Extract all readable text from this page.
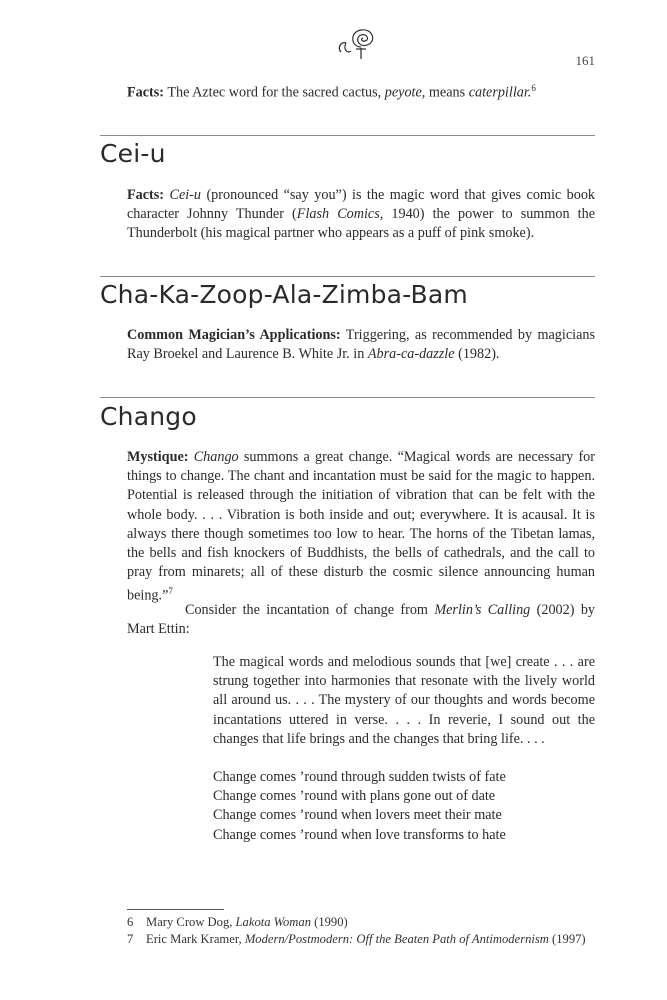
161
Facts: The Aztec word for the sacred cactus, peyote, means caterpillar.$^6$
Cei-u
Facts: Cei-u (pronounced “say you”) is the magic word that gives comic book character Johnny Thunder (Flash Comics, 1940) the power to summon the Thunderbolt (his magical partner who appears as a puff of pink smoke).
Cha-Ka-Zoop-Ala-Zimba-Bam
Common Magician’s Applications: Triggering, as recommended by magicians Ray Broekel and Laurence B. White Jr. in Abra-ca-dazzle (1982).
Chango
Mystique: Chango summons a great change. “Magical words are necessary for things to change. The chant and incantation must be said for the magic to happen. Potential is released through the initiation of vibration that can be felt with the whole body. . . . Vibration is both inside and out; everywhere. It is acausal. It is always there though sometimes too low to hear. The horns of the Tibetan lamas, the bells and fish knockers of Buddhists, the bells of cathedrals, and the call to pray from minarets; all of these disturb the cosmic silence announcing human being.”$^7$
Consider the incantation of change from Merlin’s Calling (2002) by Mart Ettin:
The magical words and melodious sounds that [we] create . . . are strung together into harmonies that resonate with the lively world all around us. . . . The mystery of our thoughts and words become incantations uttered in verse. . . . In reverie, I sound out the changes that life brings and the changes that bring life. . . .
Change comes ’round through sudden twists of fate
Change comes ’round with plans gone out of date
Change comes ’round when lovers meet their mate
Change comes ’round when love transforms to hate
6 Mary Crow Dog, Lakota Woman (1990)
7 Eric Mark Kramer, Modern/Postmodern: Off the Beaten Path of Antimodernism (1997)
